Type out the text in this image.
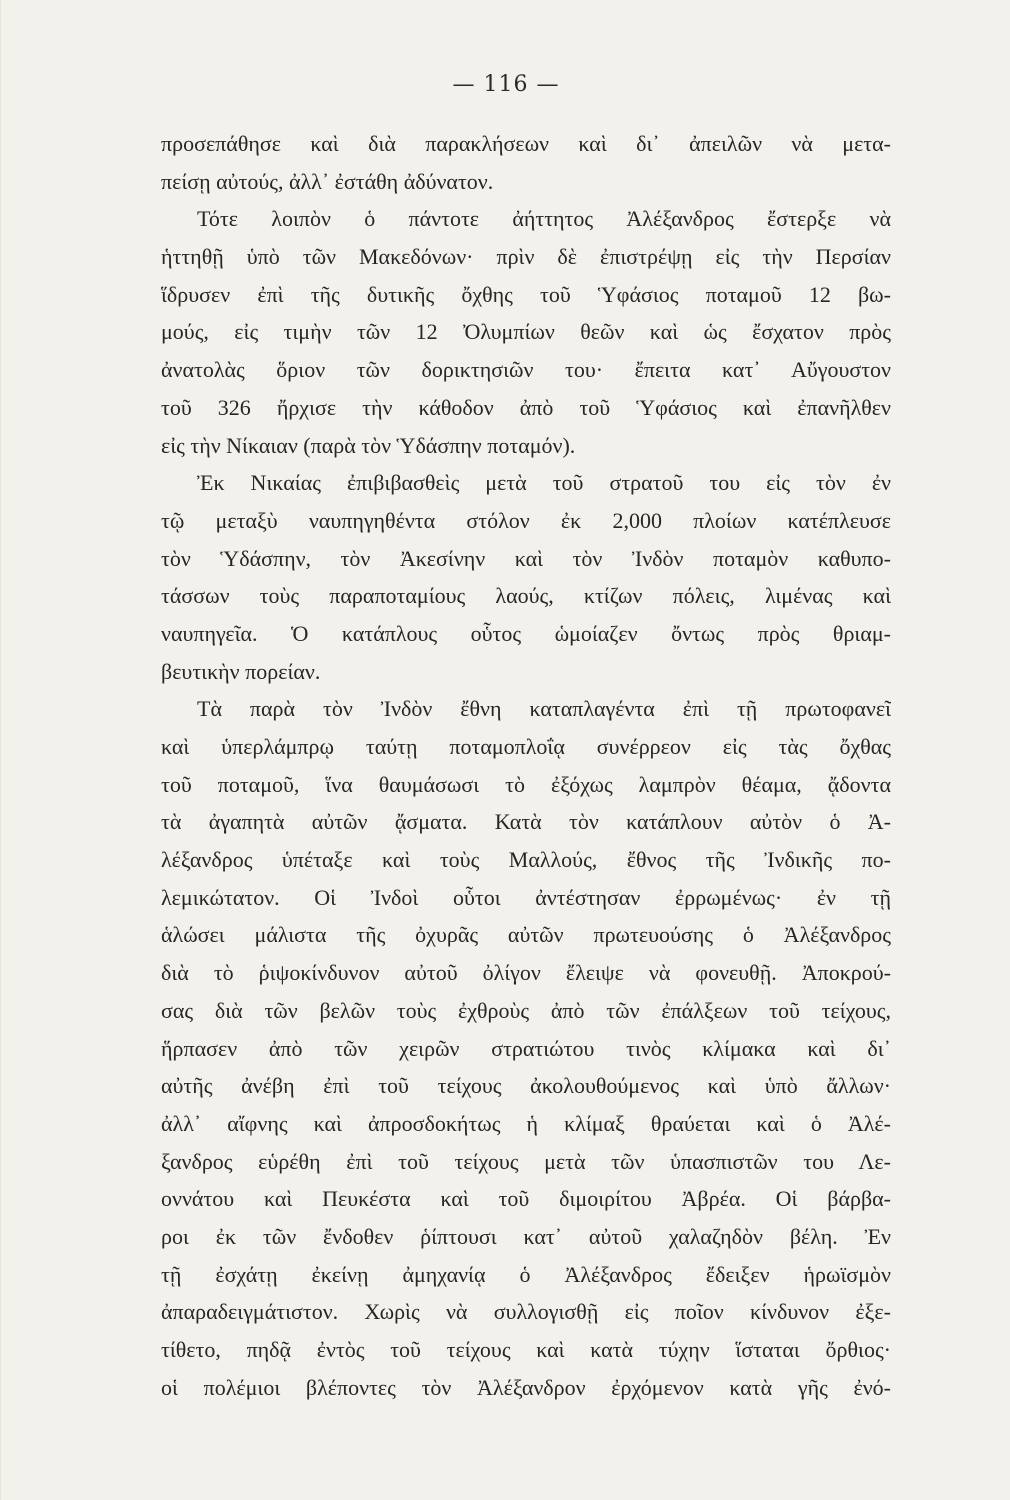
— 116 —
προσεπάθησε καὶ διὰ παρακλήσεων καὶ δι᾽ ἀπειλῶν νὰ μετα-
πείσῃ αὐτούς, ἀλλ᾽ ἐστάθη ἀδύνατον.
Τότε λοιπὸν ὁ πάντοτε ἀήττητος Ἀλέξανδρος ἔστερξε νὰ
ἡττηθῇ ὑπὸ τῶν Μακεδόνων· πρὶν δὲ ἐπιστρέψῃ εἰς τὴν Περσίαν
ἵδρυσεν ἐπὶ τῆς δυτικῆς ὄχθης τοῦ Ὑφάσιος ποταμοῦ 12 βω-
μούς, εἰς τιμὴν τῶν 12 Ὀλυμπίων θεῶν καὶ ὡς ἔσχατον πρὸς
ἀνατολὰς ὅριον τῶν δορικτησιῶν του· ἔπειτα κατ᾽ Αὔγουστον
τοῦ 326 ἤρχισε τὴν κάθοδον ἀπὸ τοῦ Ὑφάσιος καὶ ἐπανῆλθεν
εἰς τὴν Νίκαιαν (παρὰ τὸν Ὑδάσπην ποταμόν).
Ἐκ Νικαίας ἐπιβιβασθεὶς μετὰ τοῦ στρατοῦ του εἰς τὸν ἐν
τῷ μεταξὺ ναυπηγηθέντα στόλον ἐκ 2,000 πλοίων κατέπλευσε
τὸν Ὑδάσπην, τὸν Ἀκεσίνην καὶ τὸν Ἰνδὸν ποταμὸν καθυπο-
τάσσων τοὺς παραποταμίους λαούς, κτίζων πόλεις, λιμένας καὶ
ναυπηγεῖα. Ὁ κατάπλους οὗτος ὡμοίαζεν ὄντως πρὸς θριαμ-
βευτικὴν πορείαν.
Τὰ παρὰ τὸν Ἰνδὸν ἔθνη καταπλαγέντα ἐπὶ τῇ πρωτοφανεῖ
καὶ ὑπερλάμπρῳ ταύτῃ ποταμοπλοΐᾳ συνέρρεον εἰς τὰς ὄχθας
τοῦ ποταμοῦ, ἵνα θαυμάσωσι τὸ ἐξόχως λαμπρὸν θέαμα, ᾄδοντα
τὰ ἀγαπητὰ αὐτῶν ᾄσματα. Κατὰ τὸν κατάπλουν αὐτὸν ὁ Ἀ-
λέξανδρος ὑπέταξε καὶ τοὺς Μαλλούς, ἔθνος τῆς Ἰνδικῆς πο-
λεμικώτατον. Οἱ Ἰνδοὶ οὗτοι ἀντέστησαν ἐρρωμένως· ἐν τῇ
ἁλώσει μάλιστα τῆς ὀχυρᾶς αὐτῶν πρωτευούσης ὁ Ἀλέξανδρος
διὰ τὸ ῥιψοκίνδυνον αὐτοῦ ὀλίγον ἔλειψε νὰ φονευθῇ. Ἀποκρού-
σας διὰ τῶν βελῶν τοὺς ἐχθροὺς ἀπὸ τῶν ἐπάλξεων τοῦ τείχους,
ἥρπασεν ἀπὸ τῶν χειρῶν στρατιώτου τινὸς κλίμακα καὶ δι᾽
αὐτῆς ἀνέβη ἐπὶ τοῦ τείχους ἀκολουθούμενος καὶ ὑπὸ ἄλλων·
ἀλλ᾽ αἴφνης καὶ ἀπροσδοκήτως ἡ κλίμαξ θραύεται καὶ ὁ Ἀλέ-
ξανδρος εὑρέθη ἐπὶ τοῦ τείχους μετὰ τῶν ὑπασπιστῶν του Λε-
οννάτου καὶ Πευκέστα καὶ τοῦ διμοιρίτου Ἀβρέα. Οἱ βάρβα-
ροι ἐκ τῶν ἔνδοθεν ῥίπτουσι κατ᾽ αὐτοῦ χαλαζηδὸν βέλη. Ἐν
τῇ ἐσχάτῃ ἐκείνῃ ἀμηχανίᾳ ὁ Ἀλέξανδρος ἔδειξεν ἡρωϊσμὸν
ἀπαραδειγμάτιστον. Χωρὶς νὰ συλλογισθῇ εἰς ποῖον κίνδυνον ἐξε-
τίθετο, πηδᾷ ἐντὸς τοῦ τείχους καὶ κατὰ τύχην ἵσταται ὄρθιος·
οἱ πολέμιοι βλέποντες τὸν Ἀλέξανδρον ἐρχόμενον κατὰ γῆς ἐνό-
